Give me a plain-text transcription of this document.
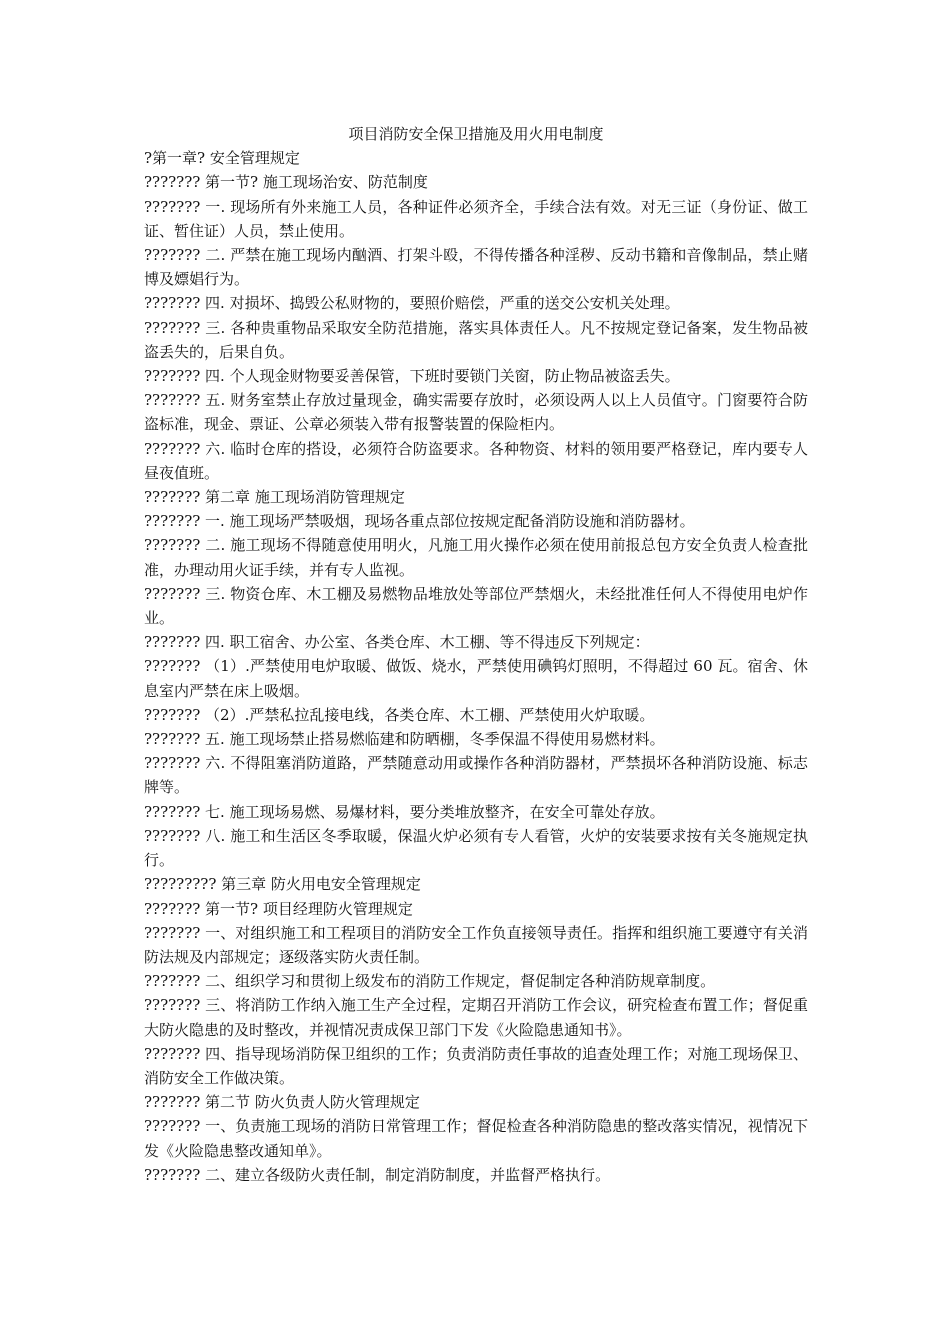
项目消防安全保卫措施及用火用电制度

?第一章? 安全管理规定

??????? 第一节? 施工现场治安、防范制度

??????? 一. 现场所有外来施工人员，各种证件必须齐全，手续合法有效。对无三证（身份证、做工证、暂住证）人员，禁止使用。

??????? 二. 严禁在施工现场内酗酒、打架斗殴，不得传播各种淫秽、反动书籍和音像制品，禁止赌博及嫖娼行为。

??????? 四. 对损坏、捣毁公私财物的，要照价赔偿，严重的送交公安机关处理。

??????? 三. 各种贵重物品采取安全防范措施，落实具体责任人。凡不按规定登记备案，发生物品被盗丢失的，后果自负。

??????? 四. 个人现金财物要妥善保管，下班时要锁门关窗，防止物品被盗丢失。

??????? 五. 财务室禁止存放过量现金，确实需要存放时，必须设两人以上人员值守。门窗要符合防盗标准，现金、票证、公章必须装入带有报警装置的保险柜内。

??????? 六. 临时仓库的搭设，必须符合防盗要求。各种物资、材料的领用要严格登记，库内要专人昼夜值班。

??????? 第二章 施工现场消防管理规定

??????? 一. 施工现场严禁吸烟，现场各重点部位按规定配备消防设施和消防器材。

??????? 二. 施工现场不得随意使用明火，凡施工用火操作必须在使用前报总包方安全负责人检查批准，办理动用火证手续，并有专人监视。

??????? 三. 物资仓库、木工棚及易燃物品堆放处等部位严禁烟火，未经批准任何人不得使用电炉作业。

??????? 四. 职工宿舍、办公室、各类仓库、木工棚、等不得违反下列规定：

??????? （1）.严禁使用电炉取暖、做饭、烧水，严禁使用碘钨灯照明，不得超过 60 瓦。宿舍、休息室内严禁在床上吸烟。

??????? （2）.严禁私拉乱接电线，各类仓库、木工棚、严禁使用火炉取暖。

??????? 五. 施工现场禁止搭易燃临建和防晒棚，冬季保温不得使用易燃材料。

??????? 六. 不得阻塞消防道路，严禁随意动用或操作各种消防器材，严禁损坏各种消防设施、标志牌等。

??????? 七. 施工现场易燃、易爆材料，要分类堆放整齐，在安全可靠处存放。

??????? 八. 施工和生活区冬季取暖，保温火炉必须有专人看管，火炉的安装要求按有关冬施规定执行。

????????? 第三章 防火用电安全管理规定

??????? 第一节? 项目经理防火管理规定

??????? 一、对组织施工和工程项目的消防安全工作负直接领导责任。指挥和组织施工要遵守有关消防法规及内部规定；逐级落实防火责任制。

??????? 二、组织学习和贯彻上级发布的消防工作规定，督促制定各种消防规章制度。

??????? 三、将消防工作纳入施工生产全过程，定期召开消防工作会议，研究检查布置工作；督促重大防火隐患的及时整改，并视情况责成保卫部门下发《火险隐患通知书》。

??????? 四、指导现场消防保卫组织的工作；负责消防责任事故的追查处理工作；对施工现场保卫、消防安全工作做决策。

??????? 第二节 防火负责人防火管理规定

??????? 一、负责施工现场的消防日常管理工作；督促检查各种消防隐患的整改落实情况，视情况下发《火险隐患整改通知单》。

??????? 二、建立各级防火责任制，制定消防制度，并监督严格执行。
